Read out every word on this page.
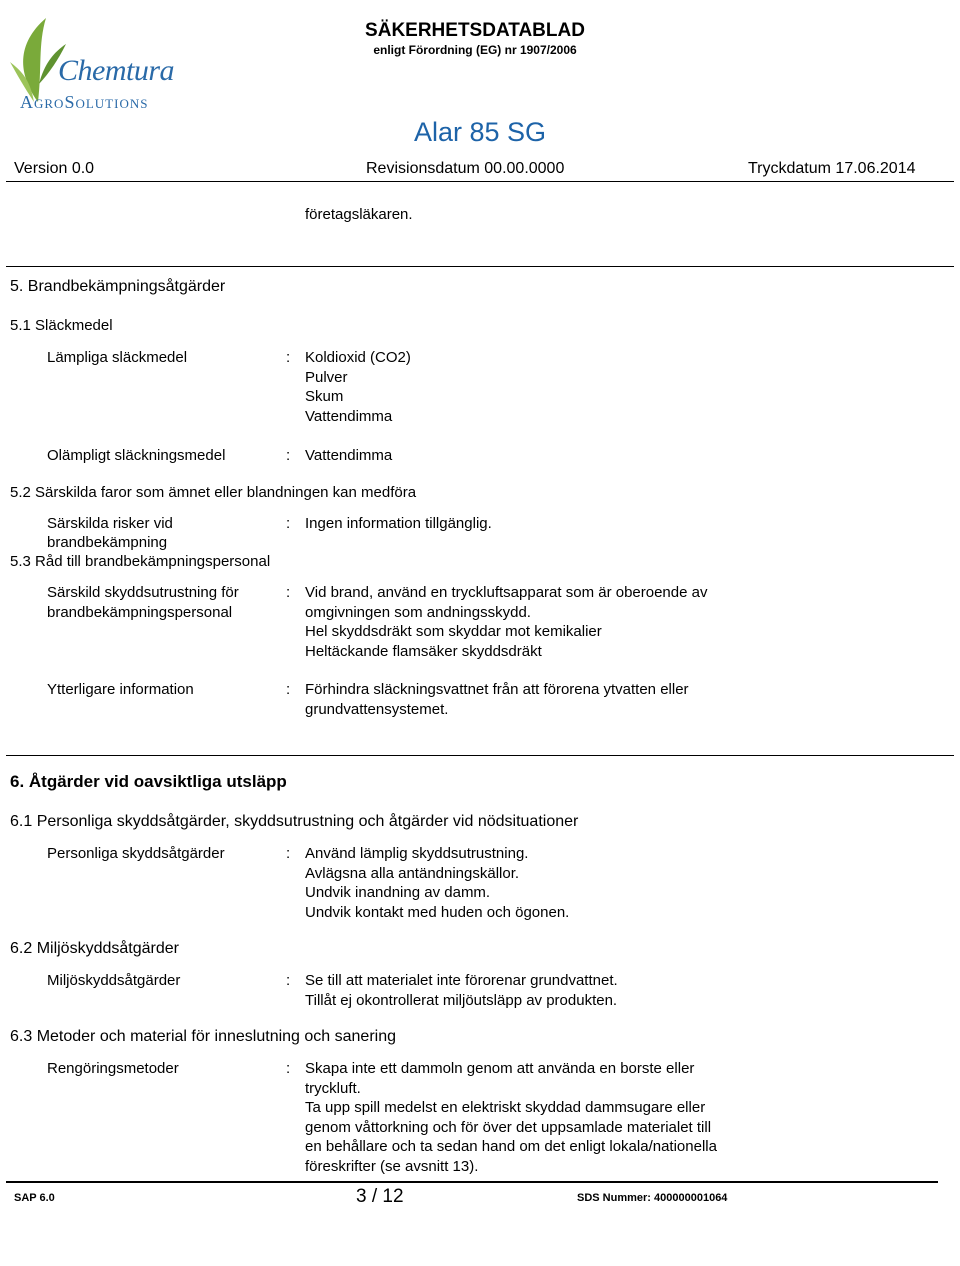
Chemtura
AgroSolutions
SÄKERHETSDATABLAD
enligt Förordning (EG) nr 1907/2006
Alar 85 SG
Version 0.0	Revisionsdatum 00.00.0000	Tryckdatum 17.06.2014
företagsläkaren.
5. Brandbekämpningsåtgärder
5.1 Släckmedel
Lämpliga släckmedel	: Koldioxid (CO2)
Pulver
Skum
Vattendimma
Olämpligt släckningsmedel	: Vattendimma
5.2 Särskilda faror som ämnet eller blandningen kan medföra
Särskilda risker vid
brandbekämpning
: Ingen information tillgänglig.
5.3 Råd till brandbekämpningspersonal
Särskild skyddsutrustning för
brandbekämpningspersonal
: Vid brand, använd en tryckluftsapparat som är oberoende av
omgivningen som andningsskydd.
Hel skyddsdräkt som skyddar mot kemikalier
Heltäckande flamsäker skyddsdräkt
Ytterligare information	: Förhindra släckningsvattnet från att förorena ytvatten eller
grundvattensystemet.
6. Åtgärder vid oavsiktliga utsläpp
6.1 Personliga skyddsåtgärder, skyddsutrustning och åtgärder vid nödsituationer
Personliga skyddsåtgärder	: Använd lämplig skyddsutrustning.
Avlägsna alla antändningskällor.
Undvik inandning av damm.
Undvik kontakt med huden och ögonen.
6.2 Miljöskyddsåtgärder
Miljöskyddsåtgärder	: Se till att materialet inte förorenar grundvattnet.
Tillåt ej okontrollerat miljöutsläpp av produkten.
6.3 Metoder och material för inneslutning och sanering
Rengöringsmetoder	: Skapa inte ett dammoln genom att använda en borste eller
tryckluft.
Ta upp spill medelst en elektriskt skyddad dammsugare eller
genom våttorkning och för över det uppsamlade materialet till
en behållare och ta sedan hand om det enligt lokala/nationella
föreskrifter (se avsnitt 13).
SAP 6.0	3 / 12	SDS Nummer: 400000001064
